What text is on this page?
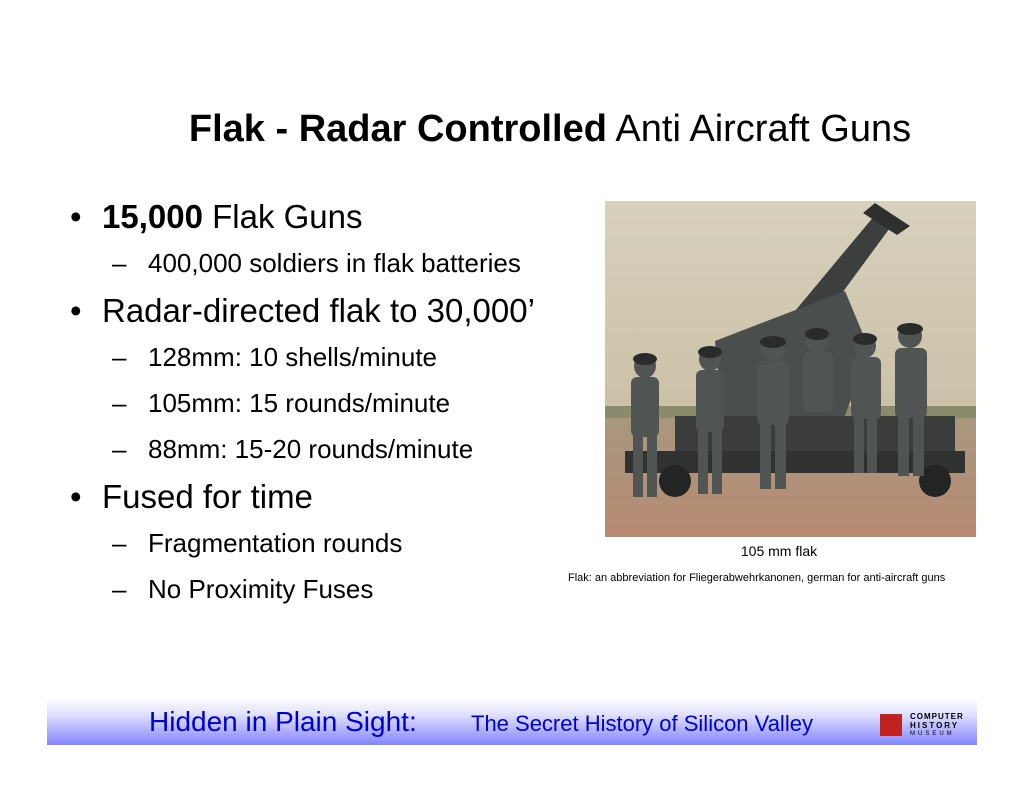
Flak - Radar Controlled Anti Aircraft Guns
• 15,000 Flak Guns
– 400,000 soldiers in flak batteries
• Radar-directed flak to 30,000’
– 128mm: 10 shells/minute
– 105mm: 15 rounds/minute
– 88mm: 15-20 rounds/minute
• Fused for time
– Fragmentation rounds
– No Proximity Fuses
105 mm flak
Flak: an abbreviation for Fliegerabwehrkanonen, german for anti-aircraft guns
Hidden in Plain Sight: The Secret History of Silicon Valley	COMPUTER
HISTORY
MUSEUM
